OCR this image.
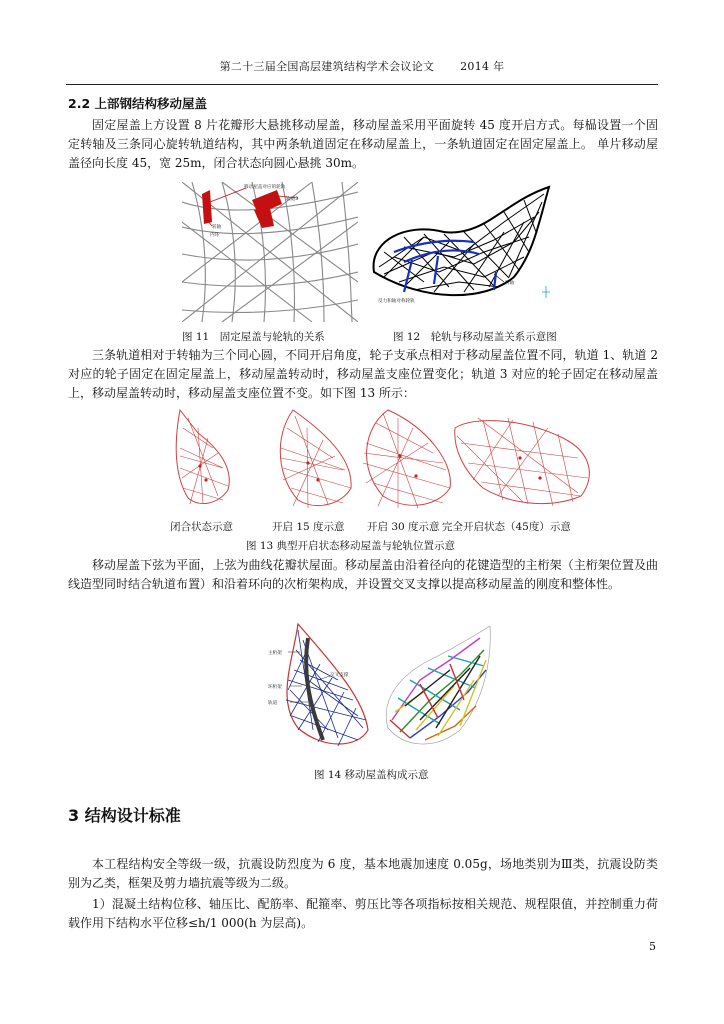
第二十三届全国高层建筑结构学术会议论文 2014 年
2.2 上部钢结构移动屋盖
固定屋盖上方设置 8 片花瓣形大悬挑移动屋盖，移动屋盖采用平面旋转 45 度开启方式。每榀设置一个固定转轴及三条同心旋转轨道结构，其中两条轨道固定在移动屋盖上，一条轨道固定在固定屋盖上。 单片移动屋盖径向长度 45，宽 25m，闭合状态向圆心悬挑 30m。
移动屋盖对应的轮轨
轨道3
转轴
内环
转轴
反力和轴对称轮轨
图 11　固定屋盖与轮轨的关系	图 12　轮轨与移动屋盖关系示意图
三条轨道相对于转轴为三个同心圆，不同开启角度，轮子支承点相对于移动屋盖位置不同，轨道 1、轨道 2 对应的轮子固定在固定屋盖上，移动屋盖转动时，移动屋盖支座位置变化；轨道 3 对应的轮子固定在移动屋盖上，移动屋盖转动时，移动屋盖支座位置不变。如下图 13 所示：
闭合状态示意	开启 15 度示意 开启 30 度示意 完全开启状态（45度）示意
图 13 典型开启状态移动屋盖与轮轨位置示意
移动屋盖下弦为平面，上弦为曲线花瓣状屋面。移动屋盖由沿着径向的花键造型的主桁架（主桁架位置及曲线造型同时结合轨道布置）和沿着环向的次桁架构成，并设置交叉支撑以提高移动屋盖的刚度和整体性。
主桁架
交叉支撑
环桁架
轨道
图 14 移动屋盖构成示意
3 结构设计标准
本工程结构安全等级一级，抗震设防烈度为 6 度，基本地震加速度 0.05g，场地类别为Ⅲ类，抗震设防类别为乙类，框架及剪力墙抗震等级为二级。
1）混凝土结构位移、轴压比、配筋率、配箍率、剪压比等各项指标按相关规范、规程限值，并控制重力荷载作用下结构水平位移≤h/1 000(h 为层高)。
5
